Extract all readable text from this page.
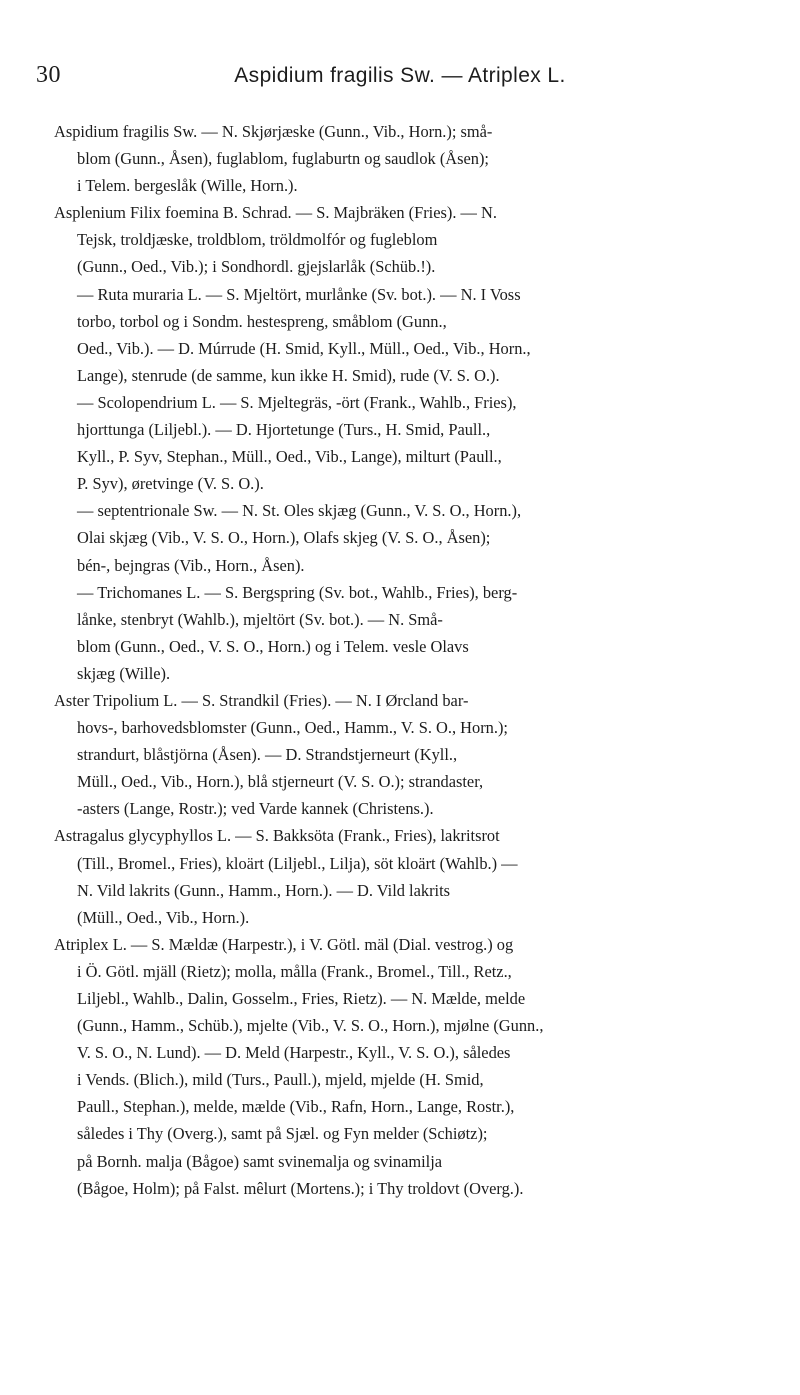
30	Aspidium fragilis Sw. — Atriplex L.
Aspidium fragilis Sw. — N. Skjørjæske (Gunn., Vib., Horn.); små-
blom (Gunn., Åsen), fuglablom, fuglaburtn og saudlok (Åsen);
i Telem. bergeslåk (Wille, Horn.).
Asplenium Filix foemina B. Schrad. — S. Majbräken (Fries). — N.
Tejsk, troldjæske, troldblom, tröldmolfór og fugleblom
(Gunn., Oed., Vib.); i Sondhordl. gjejslarlåk (Schüb.!).
— Ruta muraria L. — S. Mjeltört, murlånke (Sv. bot.). — N. I Voss
torbo, torbol og i Sondm. hestespreng, småblom (Gunn.,
Oed., Vib.). — D. Múrrude (H. Smid, Kyll., Müll., Oed., Vib., Horn.,
Lange), stenrude (de samme, kun ikke H. Smid), rude (V. S. O.).
— Scolopendrium L. — S. Mjeltegräs, -ört (Frank., Wahlb., Fries),
hjorttunga (Liljebl.). — D. Hjortetunge (Turs., H. Smid, Paull.,
Kyll., P. Syv, Stephan., Müll., Oed., Vib., Lange), milturt (Paull.,
P. Syv), øretvinge (V. S. O.).
— septentrionale Sw. — N. St. Oles skjæg (Gunn., V. S. O., Horn.),
Olai skjæg (Vib., V. S. O., Horn.), Olafs skjeg (V. S. O., Åsen);
bén-, bejngras (Vib., Horn., Åsen).
— Trichomanes L. — S. Bergspring (Sv. bot., Wahlb., Fries), berg-
lånke, stenbryt (Wahlb.), mjeltört (Sv. bot.). — N. Små-
blom (Gunn., Oed., V. S. O., Horn.) og i Telem. vesle Olavs
skjæg (Wille).
Aster Tripolium L. — S. Strandkil (Fries). — N. I Ørcland bar-
hovs-, barhovedsblomster (Gunn., Oed., Hamm., V. S. O., Horn.);
strandurt, blåstjörna (Åsen). — D. Strandstjerneurt (Kyll.,
Müll., Oed., Vib., Horn.), blå stjerneurt (V. S. O.); strandaster,
-asters (Lange, Rostr.); ved Varde kannek (Christens.).
Astragalus glycyphyllos L. — S. Bakksöta (Frank., Fries), lakritsrot
(Till., Bromel., Fries), kloärt (Liljebl., Lilja), söt kloärt (Wahlb.) —
N. Vild lakrits (Gunn., Hamm., Horn.). — D. Vild lakrits
(Müll., Oed., Vib., Horn.).
Atriplex L. — S. Mældæ (Harpestr.), i V. Götl. mäl (Dial. vestrog.) og
i Ö. Götl. mjäll (Rietz); molla, målla (Frank., Bromel., Till., Retz.,
Liljebl., Wahlb., Dalin, Gosselm., Fries, Rietz). — N. Mælde, melde
(Gunn., Hamm., Schüb.), mjelte (Vib., V. S. O., Horn.), mjølne (Gunn.,
V. S. O., N. Lund). — D. Meld (Harpestr., Kyll., V. S. O.), således
i Vends. (Blich.), mild (Turs., Paull.), mjeld, mjelde (H. Smid,
Paull., Stephan.), melde, mælde (Vib., Rafn, Horn., Lange, Rostr.),
således i Thy (Overg.), samt på Sjæl. og Fyn melder (Schiøtz);
på Bornh. malja (Bågoe) samt svinemalja og svinamilja
(Bågoe, Holm); på Falst. mêlurt (Mortens.); i Thy troldovt (Overg.).
